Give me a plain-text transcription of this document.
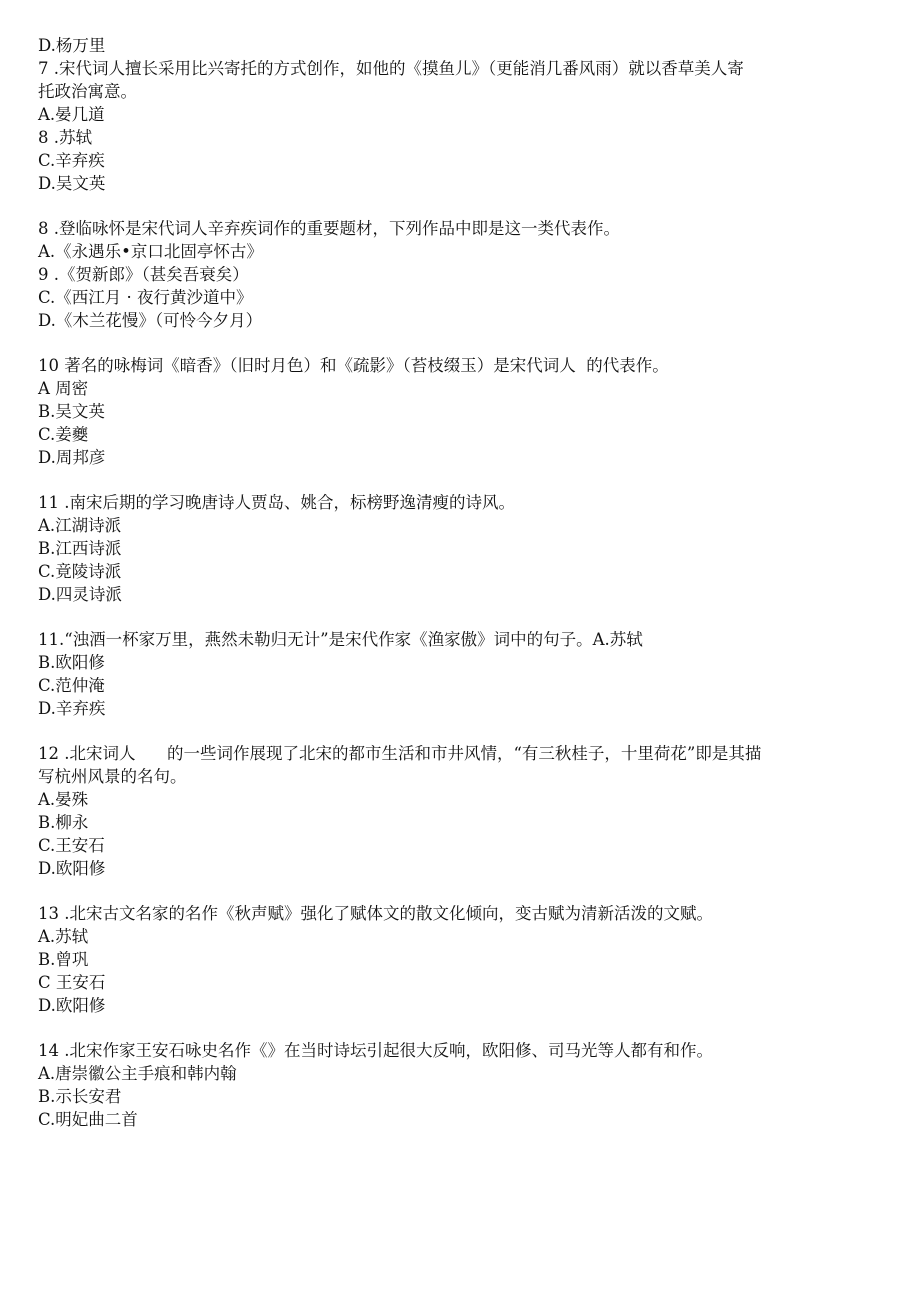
D.杨万里
7 .宋代词人擅长采用比兴寄托的方式创作，如他的《摸鱼儿》（更能消几番风雨）就以香草美人寄
托政治寓意。
A.晏几道
8 .苏轼
C.辛弃疾
D.吴文英
8 .登临咏怀是宋代词人辛弃疾词作的重要题材，下列作品中即是这一类代表作。
A.《永遇乐•京口北固亭怀古》
9 .《贺新郎》（甚矣吾衰矣）
C.《西江月 · 夜行黄沙道中》
D.《木兰花慢》（可怜今夕月）
10 著名的咏梅词《暗香》（旧时月色）和《疏影》（苔枝缀玉）是宋代词人  的代表作。
A 周密
B.吴文英
C.姜夔
D.周邦彦
11 .南宋后期的学习晚唐诗人贾岛、姚合，标榜野逸清瘦的诗风。
A.江湖诗派
B.江西诗派
C.竟陵诗派
D.四灵诗派
11.“浊酒一杯家万里，燕然未勒归无计”是宋代作家《渔家傲》词中的句子。A.苏轼
B.欧阳修
C.范仲淹
D.辛弃疾
12 .北宋词人      的一些词作展现了北宋的都市生活和市井风情，“有三秋桂子，十里荷花”即是其描
写杭州风景的名句。
A.晏殊
B.柳永
C.王安石
D.欧阳修
13 .北宋古文名家的名作《秋声赋》强化了赋体文的散文化倾向，变古赋为清新活泼的文赋。
A.苏轼
B.曾巩
C 王安石
D.欧阳修
14 .北宋作家王安石咏史名作《》在当时诗坛引起很大反响，欧阳修、司马光等人都有和作。
A.唐崇徽公主手痕和韩内翰
B.示长安君
C.明妃曲二首
